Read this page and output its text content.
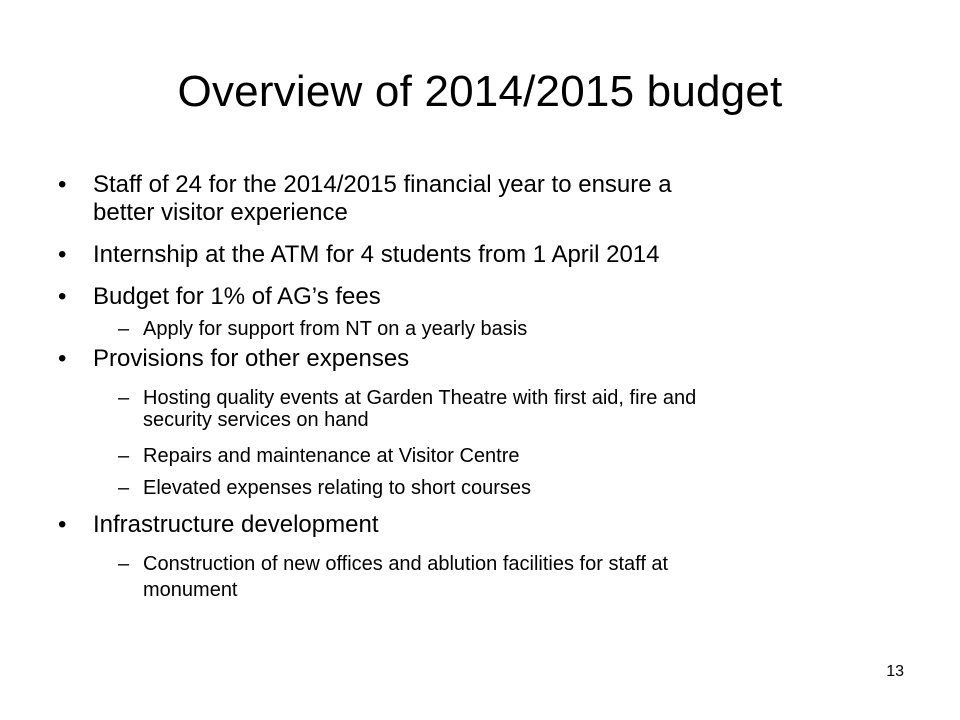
Overview of 2014/2015 budget
•	Staff of 24 for the 2014/2015 financial year to ensure a
better visitor experience
•	Internship at the ATM for 4 students from 1 April 2014
•	Budget for 1% of AG’s fees
– Apply for support from NT on a yearly basis
•	Provisions for other expenses
– Hosting quality events at Garden Theatre with first aid, fire and
security services on hand
– Repairs and maintenance at Visitor Centre
– Elevated expenses relating to short courses
•	Infrastructure development
– Construction of new offices and ablution facilities for staff at
monument
13
